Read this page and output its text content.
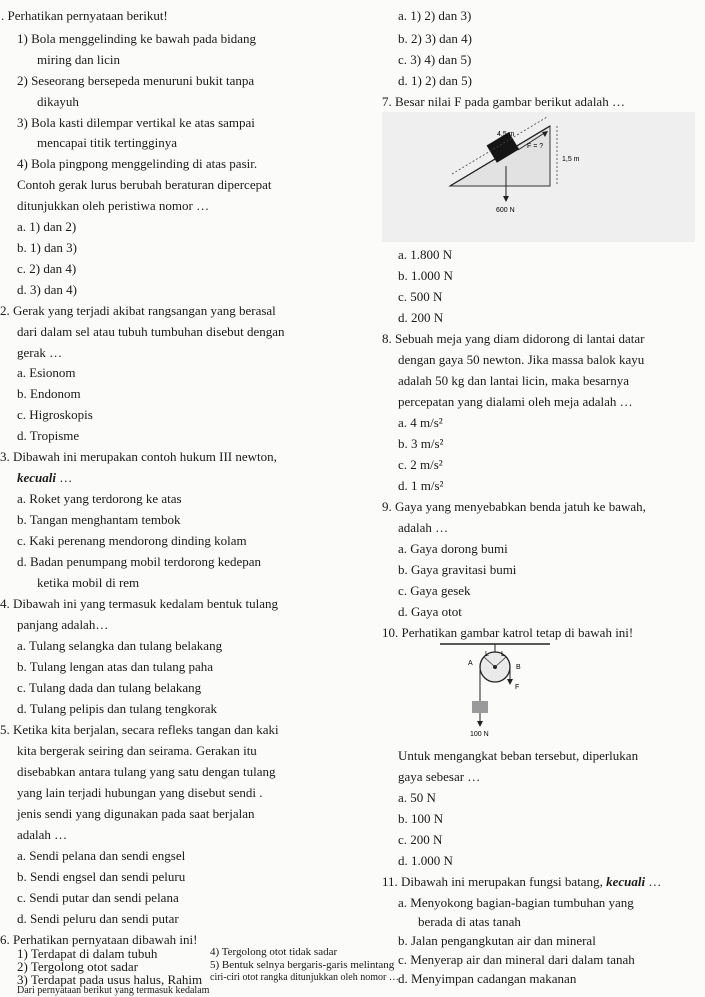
. Perhatikan pernyataan berikut!
1) Bola menggelinding ke bawah pada bidang
miring dan licin
2) Seseorang bersepeda menuruni bukit tanpa
dikayuh
3) Bola kasti dilempar vertikal ke atas sampai
mencapai titik tertingginya
4) Bola pingpong menggelinding di atas pasir.
Contoh gerak lurus berubah beraturan dipercepat
ditunjukkan oleh peristiwa nomor …
a. 1) dan 2)
b. 1) dan 3)
c. 2) dan 4)
d. 3) dan 4)
2. Gerak yang terjadi akibat rangsangan yang berasal
dari dalam sel atau tubuh tumbuhan disebut dengan
gerak …
a. Esionom
b. Endonom
c. Higroskopis
d. Tropisme
3. Dibawah ini merupakan contoh hukum III newton,
kecuali …
a. Roket yang terdorong ke atas
b. Tangan menghantam tembok
c. Kaki perenang mendorong dinding kolam
d. Badan penumpang mobil terdorong kedepan
ketika mobil di rem
4. Dibawah ini yang termasuk kedalam bentuk tulang
panjang adalah…
a. Tulang selangka dan tulang belakang
b. Tulang lengan atas dan tulang paha
c. Tulang dada dan tulang belakang
d. Tulang pelipis dan tulang tengkorak
5. Ketika kita berjalan, secara refleks tangan dan kaki
kita bergerak seiring dan seirama. Gerakan itu
disebabkan antara tulang yang satu dengan tulang
yang lain terjadi hubungan yang disebut sendi .
jenis sendi yang digunakan pada saat berjalan
adalah …
a. Sendi pelana dan sendi engsel
b. Sendi engsel dan sendi peluru
c. Sendi putar dan sendi pelana
d. Sendi peluru dan sendi putar
6. Perhatikan pernyataan dibawah ini!
1) Terdapat di dalam tubuh
2) Tergolong otot sadar
3) Terdapat pada usus halus, Rahim
a. 1) 2) dan 3)
b. 2) 3) dan 4)
c. 3) 4) dan 5)
d. 1) 2) dan 5)
7. Besar nilai F pada gambar berikut adalah …
4,5 m
F = ?
1,5 m
600 N
a. 1.800 N
b. 1.000 N
c. 500 N
d. 200 N
8. Sebuah meja yang diam didorong di lantai datar
dengan gaya 50 newton. Jika massa balok kayu
adalah 50 kg dan lantai licin, maka besarnya
percepatan yang dialami oleh meja adalah …
a. 4 m/s²
b. 3 m/s²
c. 2 m/s²
d. 1 m/s²
9. Gaya yang menyebabkan benda jatuh ke bawah,
adalah …
a. Gaya dorong bumi
b. Gaya gravitasi bumi
c. Gaya gesek
d. Gaya otot
10. Perhatikan gambar katrol tetap di bawah ini!
A
B
L L
F
100 N
Untuk mengangkat beban tersebut, diperlukan
gaya sebesar …
a. 50 N
b. 100 N
c. 200 N
d. 1.000 N
11. Dibawah ini merupakan fungsi batang, kecuali …
a. Menyokong bagian-bagian tumbuhan yang
berada di atas tanah
b. Jalan pengangkutan air dan mineral
c. Menyerap air dan mineral dari dalam tanah
d. Menyimpan cadangan makanan
4) Tergolong otot tidak sadar
5) Bentuk selnya bergaris-garis melintang
Dari pernyataan berikut yang termasuk kedalam
ciri-ciri otot rangka ditunjukkan oleh nomor …
